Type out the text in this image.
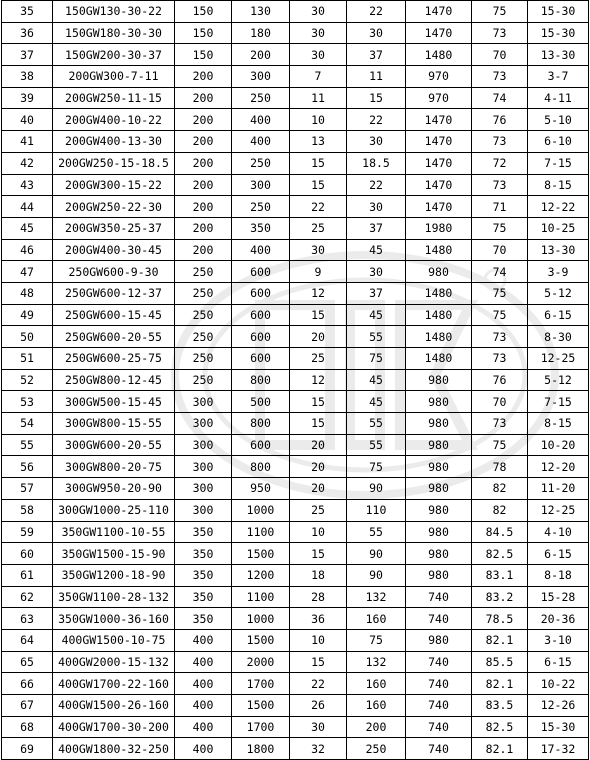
35	150GW130-30-22	150	130	30	22	1470	75	15-30
36	150GW180-30-30	150	180	30	30	1470	73	15-30
37	150GW200-30-37	150	200	30	37	1480	70	13-30
38	200GW300-7-11	200	300	7	11	970	73	3-7
39	200GW250-11-15	200	250	11	15	970	74	4-11
40	200GW400-10-22	200	400	10	22	1470	76	5-10
41	200GW400-13-30	200	400	13	30	1470	73	6-10
42	200GW250-15-18.5	200	250	15	18.5	1470	72	7-15
43	200GW300-15-22	200	300	15	22	1470	73	8-15
44	200GW250-22-30	200	250	22	30	1470	71	12-22
45	200GW350-25-37	200	350	25	37	1980	75	10-25
46	200GW400-30-45	200	400	30	45	1480	70	13-30
47	250GW600-9-30	250	600	9	30	980	74	3-9
48	250GW600-12-37	250	600	12	37	1480	75	5-12
49	250GW600-15-45	250	600	15	45	1480	75	6-15
50	250GW600-20-55	250	600	20	55	1480	73	8-30
51	250GW600-25-75	250	600	25	75	1480	73	12-25
52	250GW800-12-45	250	800	12	45	980	76	5-12
53	300GW500-15-45	300	500	15	45	980	70	7-15
54	300GW800-15-55	300	800	15	55	980	73	8-15
55	300GW600-20-55	300	600	20	55	980	75	10-20
56	300GW800-20-75	300	800	20	75	980	78	12-20
57	300GW950-20-90	300	950	20	90	980	82	11-20
58	300GW1000-25-110	300	1000	25	110	980	82	12-25
59	350GW1100-10-55	350	1100	10	55	980	84.5	4-10
60	350GW1500-15-90	350	1500	15	90	980	82.5	6-15
61	350GW1200-18-90	350	1200	18	90	980	83.1	8-18
62	350GW1100-28-132	350	1100	28	132	740	83.2	15-28
63	350GW1000-36-160	350	1000	36	160	740	78.5	20-36
64	400GW1500-10-75	400	1500	10	75	980	82.1	3-10
65	400GW2000-15-132	400	2000	15	132	740	85.5	6-15
66	400GW1700-22-160	400	1700	22	160	740	82.1	10-22
67	400GW1500-26-160	400	1500	26	160	740	83.5	12-26
68	400GW1700-30-200	400	1700	30	200	740	82.5	15-30
69	400GW1800-32-250	400	1800	32	250	740	82.1	17-32
